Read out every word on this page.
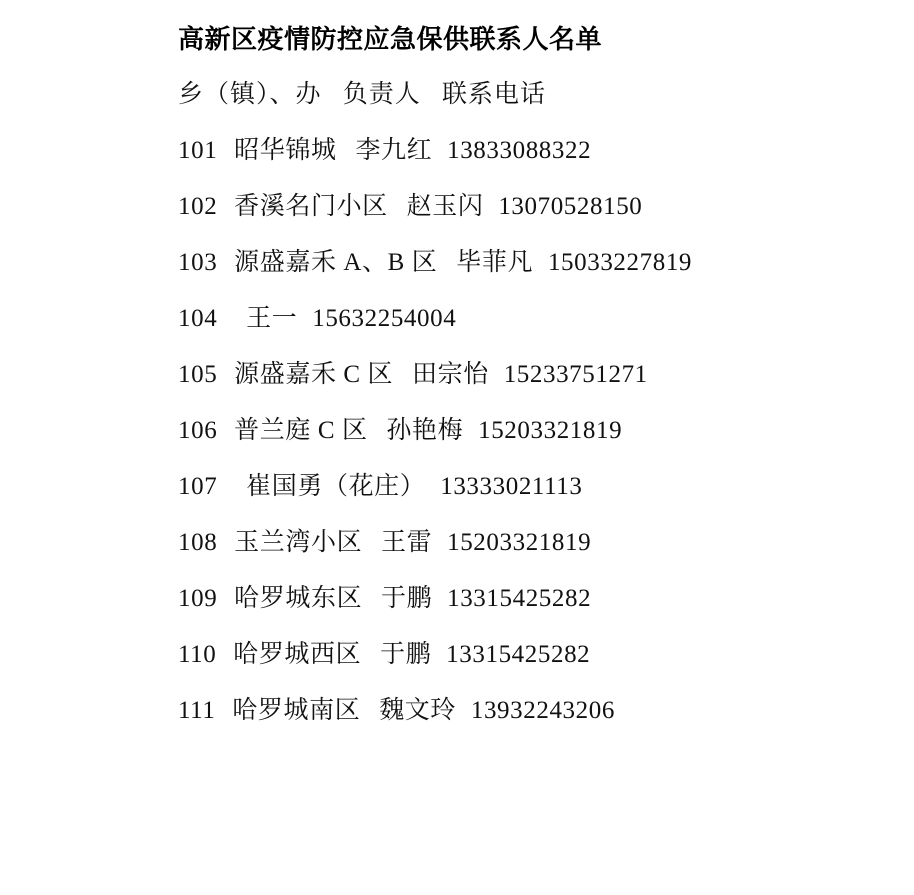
高新区疫情防控应急保供联系人名单
乡（镇）、办 负责人 联系电话
101 昭华锦城 李九红 13833088322
102 香溪名门小区 赵玉闪 13070528150
103 源盛嘉禾 A、B 区 毕菲凡 15033227819
104 王一 15632254004
105 源盛嘉禾 C 区 田宗怡 15233751271
106 普兰庭 C 区 孙艳梅 15203321819
107 崔国勇（花庄） 13333021113
108 玉兰湾小区 王雷 15203321819
109 哈罗城东区 于鹏 13315425282
110 哈罗城西区 于鹏 13315425282
111 哈罗城南区 魏文玲 13932243206
